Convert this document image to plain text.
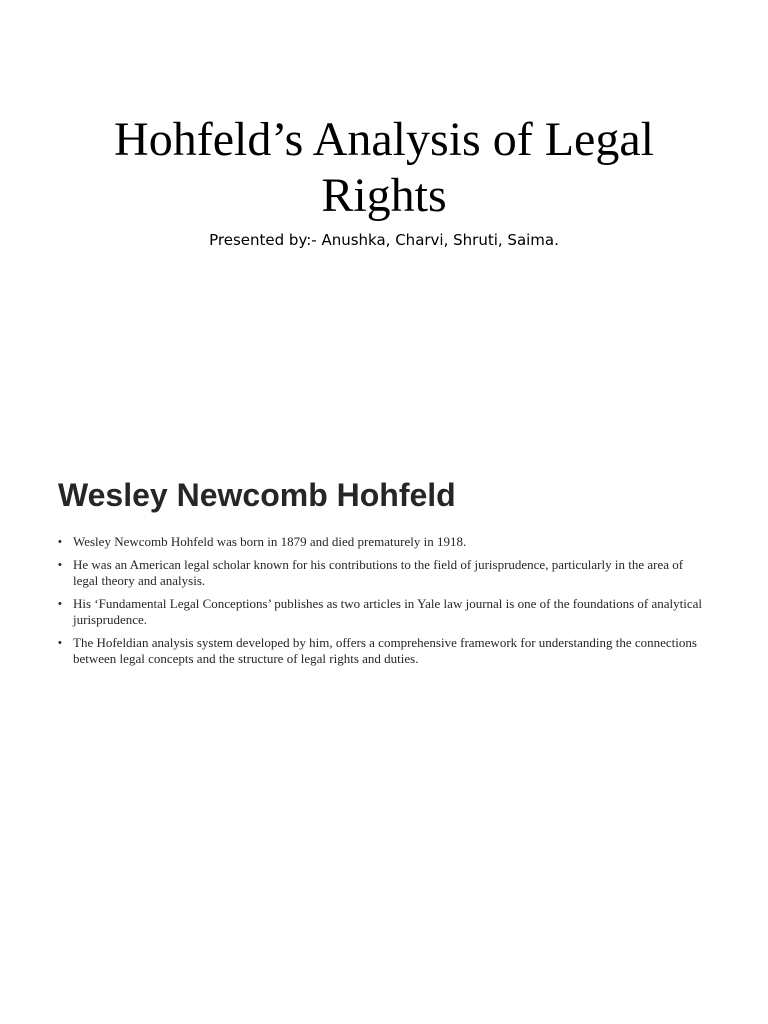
Hohfeld’s Analysis of Legal Rights

Presented by:- Anushka, Charvi, Shruti, Saima.

Wesley Newcomb Hohfeld
• Wesley Newcomb Hohfeld was born in 1879 and died prematurely in 1918.
• He was an American legal scholar known for his contributions to the field of jurisprudence, particularly in the area of legal theory and analysis.
• His ‘Fundamental Legal Conceptions’ publishes as two articles in Yale law journal is one of the foundations of analytical jurisprudence.
• The Hofeldian analysis system developed by him, offers a comprehensive framework for understanding the connections between legal concepts and the structure of legal rights and duties.
